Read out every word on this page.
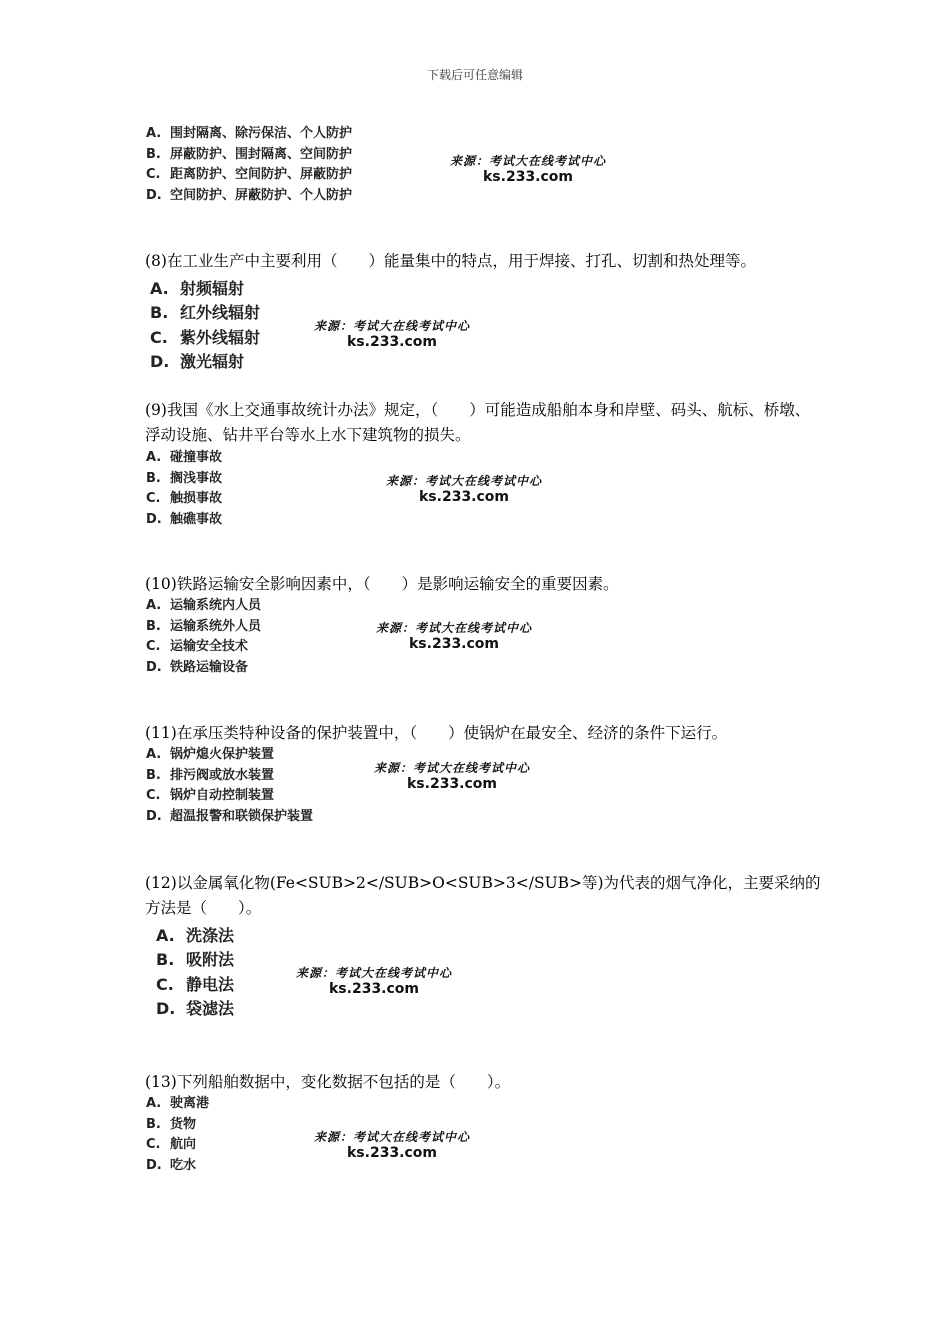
下载后可任意编辑
A. 围封隔离、除污保洁、个人防护
B. 屏蔽防护、围封隔离、空间防护
C. 距离防护、空间防护、屏蔽防护
D. 空间防护、屏蔽防护、个人防护
来源：考试大在线考试中心
ks.233.com
(8)在工业生产中主要利用（　　）能量集中的特点，用于焊接、打孔、切割和热处理等。
A. 射频辐射
B. 红外线辐射
C. 紫外线辐射
D. 激光辐射
来源：考试大在线考试中心
ks.233.com
(9)我国《水上交通事故统计办法》规定，（　　）可能造成船舶本身和岸壁、码头、航标、桥墩、浮动设施、钻井平台等水上水下建筑物的损失。
A. 碰撞事故
B. 搁浅事故
C. 触损事故
D. 触礁事故
来源：考试大在线考试中心
ks.233.com
(10)铁路运输安全影响因素中，（　　）是影响运输安全的重要因素。
A. 运输系统内人员
B. 运输系统外人员
C. 运输安全技术
D. 铁路运输设备
来源：考试大在线考试中心
ks.233.com
(11)在承压类特种设备的保护装置中，（　　）使锅炉在最安全、经济的条件下运行。
A. 锅炉熄火保护装置
B. 排污阀或放水装置
C. 锅炉自动控制装置
D. 超温报警和联锁保护装置
来源：考试大在线考试中心
ks.233.com
(12)以金属氧化物(Fe<SUB>2</SUB>O<SUB>3</SUB>等)为代表的烟气净化，主要采纳的方法是（　　）。
A. 洗涤法
B. 吸附法
C. 静电法
D. 袋滤法
来源：考试大在线考试中心
ks.233.com
(13)下列船舶数据中，变化数据不包括的是（　　）。
A. 驶离港
B. 货物
C. 航向
D. 吃水
来源：考试大在线考试中心
ks.233.com
